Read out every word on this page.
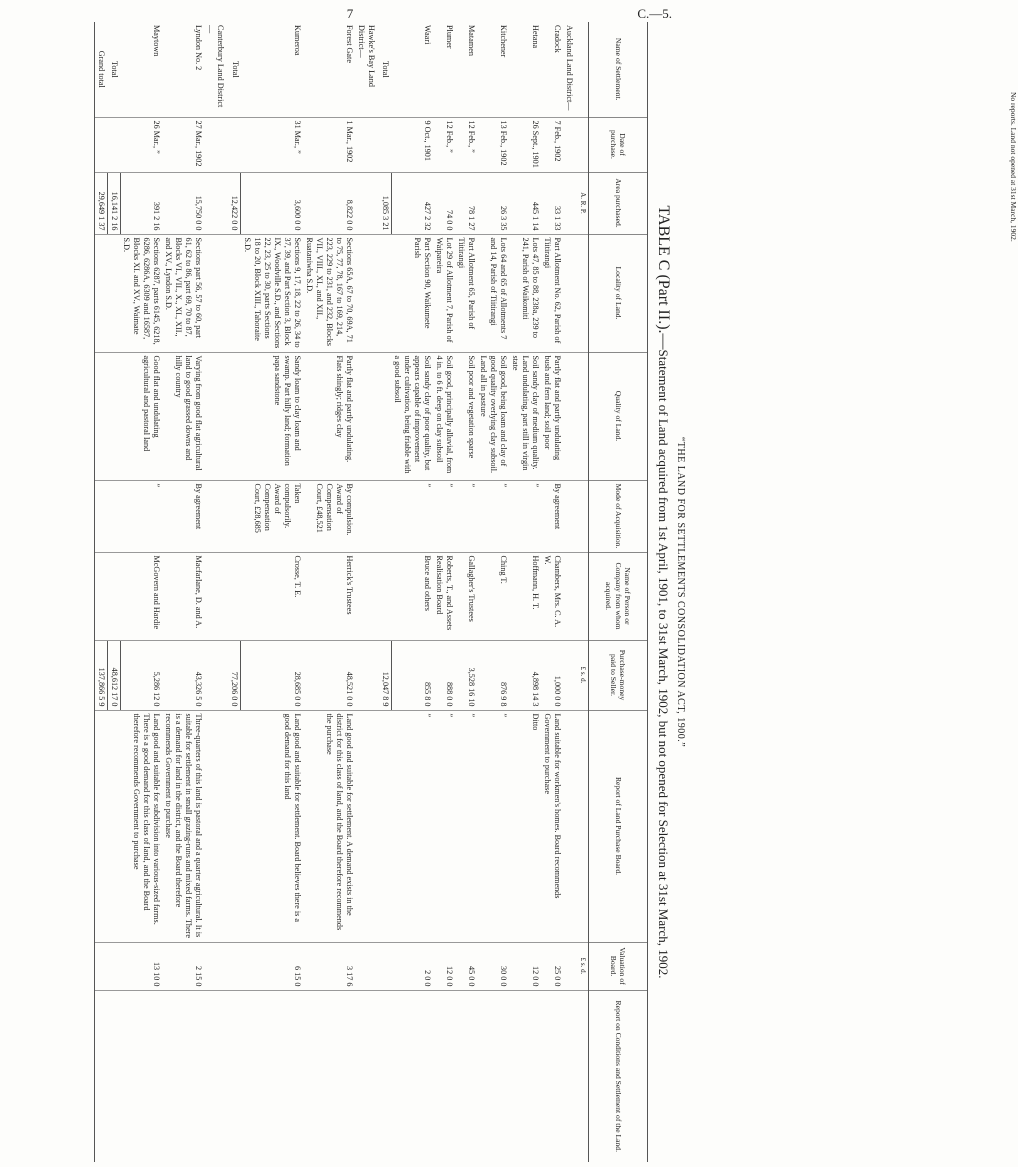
7	C.—5.
“THE LAND FOR SETTLEMENTS CONSOLIDATION ACT, 1900.”
TABLE C (Part II.).—Statement of Land acquired from 1st April, 1901, to 31st March, 1902, but not opened for Selection at 31st March, 1902.
Name of Settlement.	Date of purchase.	Area purchased.	Locality of Land.	Quality of Land.	Mode of Acquisition.	Name of Person or Company from whom acquired.	Purchase-money paid to Seller.	Report of Land Purchase Board.	Valuation of Board.	Report on Conditions and Settlement of the Land.
		A. R. P.					£ s. d.		£ s. d.	
Auckland Land District—										
Cradock	7 Feb., 1902	33 1 33	Part Allotment No. 62, Parish of Tiitirangi	Partly flat and partly undulating bush and fern land; soil poor	By agreement	Chambers, Mrs. C. A. W.	1,000 0 0	Land suitable for workmen's homes. Board recommends Government to purchase	25 0 0	
Hetana	26 Sept., 1901	445 1 14	Lots 47, 85 to 88, 238a, 239 to 241, Parish of Waikomiti	Soil sandy clay of medium quality. Land undulating, part still in virgin state	”	Hoffmann, H. T.	4,898 14 3	Ditto	12 0 0	
Kitchener	13 Feb., 1902	26 3 35	Lots 64 and 65 of Allotments 7 and 14, Parish of Tiitirangi	Soil good, being loam and clay of good quality overlying clay subsoil. Land all in pasture	”	Ching T.	876 9 8	”	30 0 0	
Matamen	12 Feb., ”	78 1 27	Part Allotment 65, Parish of Tiitirangi	Soil poor and vegetation sparse	”	Gallagher's Trustees	3,528 16 10	”	45 0 0	
Plumer	12 Feb., ”	74 0 0	Lot 29 of Allotment 7, Parish of Waipareira	Soil good, principally alluvial, from 4 in. to 6 ft. deep on clay subsoil	”	Roberts, T., and Assets Realisation Board	888 0 0	”	12 0 0	
Waari	9 Oct., 1901	427 2 32	Part Section 90, Waikumete Parish	Soil sandy clay of poor quality, but appears capable of improvement under cultivation, being friable with a good subsoil	”	Bruce and others	855 8 0	”	2 0 0	
Total		1,085 3 21					12,047 8 9			
Hawke's Bay Land District—										
Forest Gate	1 Mar., 1902	8,822 0 0	Sections 65A, 67 to 70, 69A, 71 to 75, 77, 78, 167 to 169, 214, 223, 229 to 231, and 232, Blocks VII., VIII., XI., and XII., Ruataniwha S.D.	Partly flat and partly undulating. Flats shingly; ridges clay	By compulsion. Award of Compensation Court, £48,521	Herrick's Trustees	48,521 0 0	Land good and suitable for settlement. A demand exists in the district for this class of land, and the Board therefore recommends the purchase	3 17 6	
Kumeroa	31 Mar., ”	3,600 0 0	Sections 9, 17, 18, 22 to 26, 34 to 37, 39, and Part Section 3, Block IX., Woodville S.D., and Sections 22, 23, 25 to 30, parts Sections 18 to 20, Block XIII., Tahoraite S.D.	Sandy loam to clay loam and swamp. Part hilly land; formation papa sandstone	Taken compulsorily. Award of Compensation Court, £28,685	Crosse, T. E.	28,685 0 0	Land good and suitable for settlement. Board believes there is a good demand for this land	6 15 0	
Total		12,422 0 0					77,206 0 0			
Canterbury Land District—										
Lyndon No. 2	27 Mar., 1902	15,750 0 0	Sections part 56, 57 to 60, part 61, 62 to 86, part 69, 70 to 87, Blocks VI., VII., X., XI., XII., and XV., Lyndon S.D.	Varying from good flat agricultural land to good grassed downs and hilly country	By agreement	Macfarlane, D. and A.	43,326 5 0	Three-quarters of this land is pastoral and a quarter agricultural. It is suitable for settlement in small grazing-runs and mixed farms. There is a demand for land in the district, and the Board therefore recommends Government to purchase	2 15 0	
Maytown	26 Mar., ”	391 2 16	Sections 6287, parts 6145, 6218, 6286, 6286A, 6309 and 16587, Blocks XI. and XV., Waimate S.D.	Good flat and undulating agricultural and pastoral land	”	McGovern and Hardie	5,286 12 0	Land good and suitable for subdivision into various-sized farms. There is a good demand for this class of land, and the Board therefore recommends Government to purchase	13 10 0	
Total		16,141 2 16					48,612 17 0			
Grand total		29,649 1 37					137,866 5 9			
No reports. Land not opened at 31st March, 1902.
